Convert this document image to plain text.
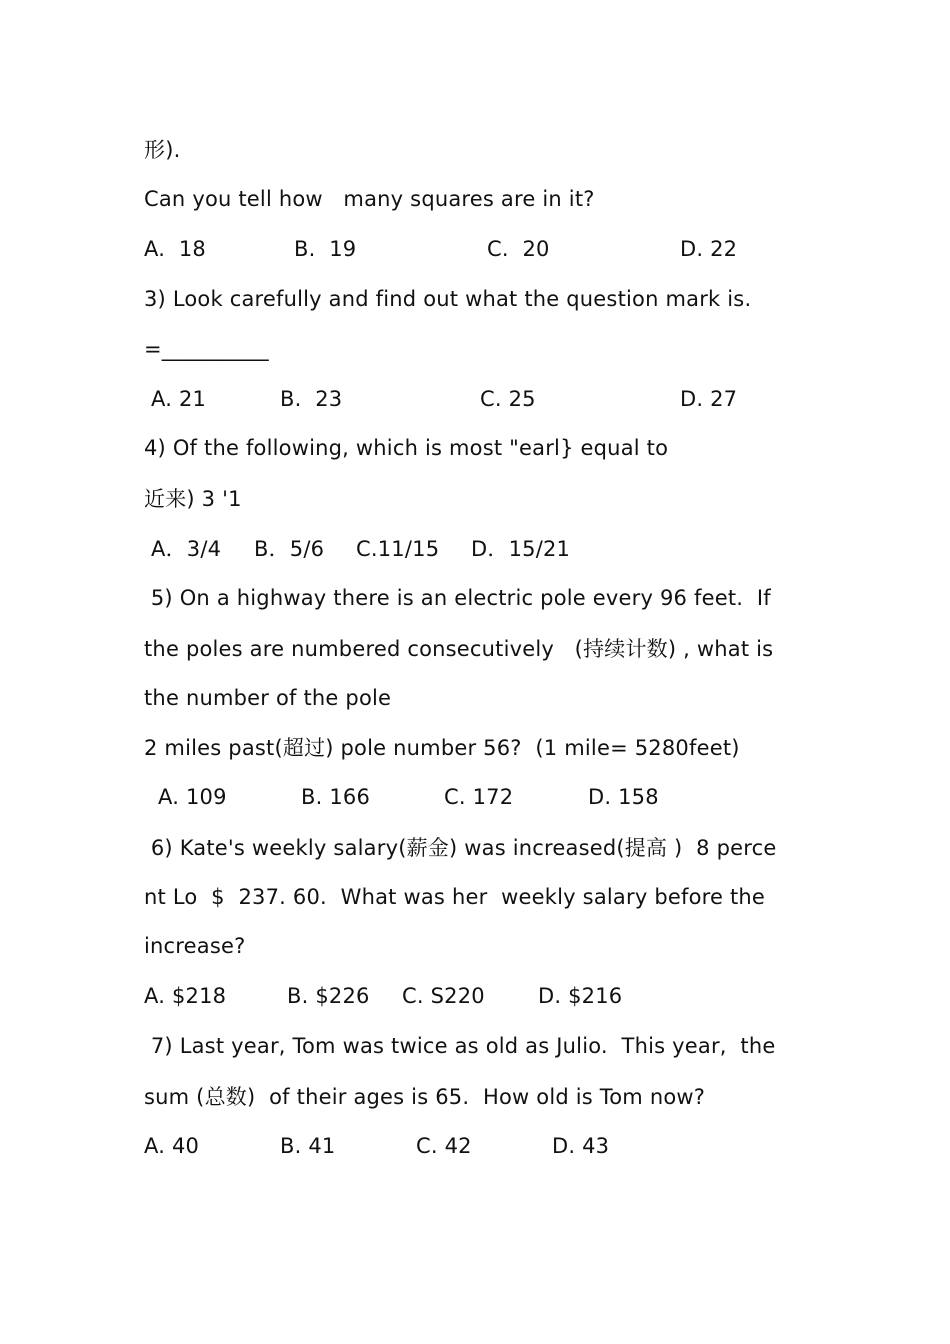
形).
Can you tell how   many squares are in it?
A.  18	B.  19	C.  20	D. 22
3) Look carefully and find out what the question mark is.
=__________
A. 21	B.  23	C. 25	D. 27
4) Of the following, which is most "earl} equal to
近来) 3 '1
A．3/4 B．5/6 C.11/15 D．15/21
5) On a highway there is an electric pole every 96 feet.  If
the poles are numbered consecutively   (持续计数) , what is
the number of the pole
2 miles past(超过) pole number 56?  (1 mile= 5280feet)
A. 109	B. 166	C. 172	D. 158
6) Kate's weekly salary(薪金) was increased(提高 )  8 perce
nt Lo  $  237. 60.  What was her  weekly salary before the
increase?
A. $218	B. $226 C. S220	D. $216
7) Last year, Tom was twice as old as Julio.  This year,  the
sum (总数)  of their ages is 65.  How old is Tom now?
A. 40	B. 41	C. 42	D. 43
